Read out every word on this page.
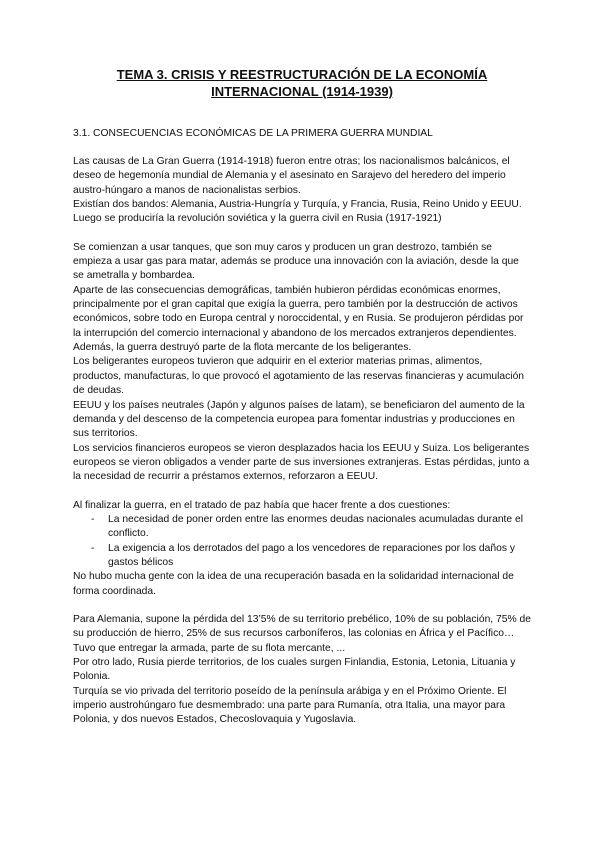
TEMA 3. CRISIS Y REESTRUCTURACIÓN DE LA ECONOMÍA
INTERNACIONAL (1914-1939)

3.1. CONSECUENCIAS ECONÓMICAS DE LA PRIMERA GUERRA MUNDIAL

Las causas de La Gran Guerra (1914-1918) fueron entre otras; los nacionalismos balcánicos, el deseo de hegemonía mundial de Alemania y el asesinato en Sarajevo del heredero del imperio austro-húngaro a manos de nacionalistas serbios.

Existían dos bandos: Alemania, Austria-Hungría y Turquía, y Francia, Rusia, Reino Unido y EEUU. Luego se produciría la revolución soviética y la guerra civil en Rusia (1917-1921)

Se comienzan a usar tanques, que son muy caros y producen un gran destrozo, también se empieza a usar gas para matar, además se produce una innovación con la aviación, desde la que se ametralla y bombardea.

Aparte de las consecuencias demográficas, también hubieron pérdidas económicas enormes, principalmente por el gran capital que exigía la guerra, pero también por la destrucción de activos económicos, sobre todo en Europa central y noroccidental, y en Rusia. Se produjeron pérdidas por la interrupción del comercio internacional y abandono de los mercados extranjeros dependientes. Además, la guerra destruyó parte de la flota mercante de los beligerantes.

Los beligerantes europeos tuvieron que adquirir en el exterior materias primas, alimentos, productos, manufacturas, lo que provocó el agotamiento de las reservas financieras y acumulación de deudas.

EEUU y los países neutrales (Japón y algunos países de latam), se beneficiaron del aumento de la demanda y del descenso de la competencia europea para fomentar industrias y producciones en sus territorios.

Los servicios financieros europeos se vieron desplazados hacia los EEUU y Suiza. Los beligerantes europeos se vieron obligados a vender parte de sus inversiones extranjeras. Estas pérdidas, junto a la necesidad de recurrir a préstamos externos, reforzaron a EEUU.

Al finalizar la guerra, en el tratado de paz había que hacer frente a dos cuestiones:

- La necesidad de poner orden entre las enormes deudas nacionales acumuladas durante el conflicto.
- La exigencia a los derrotados del pago a los vencedores de reparaciones por los daños y gastos bélicos

No hubo mucha gente con la idea de una recuperación basada en la solidaridad internacional de forma coordinada.

Para Alemania, supone la pérdida del 13’5% de su territorio prebélico, 10% de su población, 75% de su producción de hierro, 25% de sus recursos carboníferos, las colonias en África y el Pacífico… Tuvo que entregar la armada, parte de su flota mercante, ...

Por otro lado, Rusia pierde territorios, de los cuales surgen Finlandia, Estonia, Letonia, Lituania y Polonia.

Turquía se vio privada del territorio poseído de la península arábiga y en el Próximo Oriente. El imperio austrohúngaro fue desmembrado: una parte para Rumanía, otra Italia, una mayor para Polonia, y dos nuevos Estados, Checoslovaquia y Yugoslavia.
